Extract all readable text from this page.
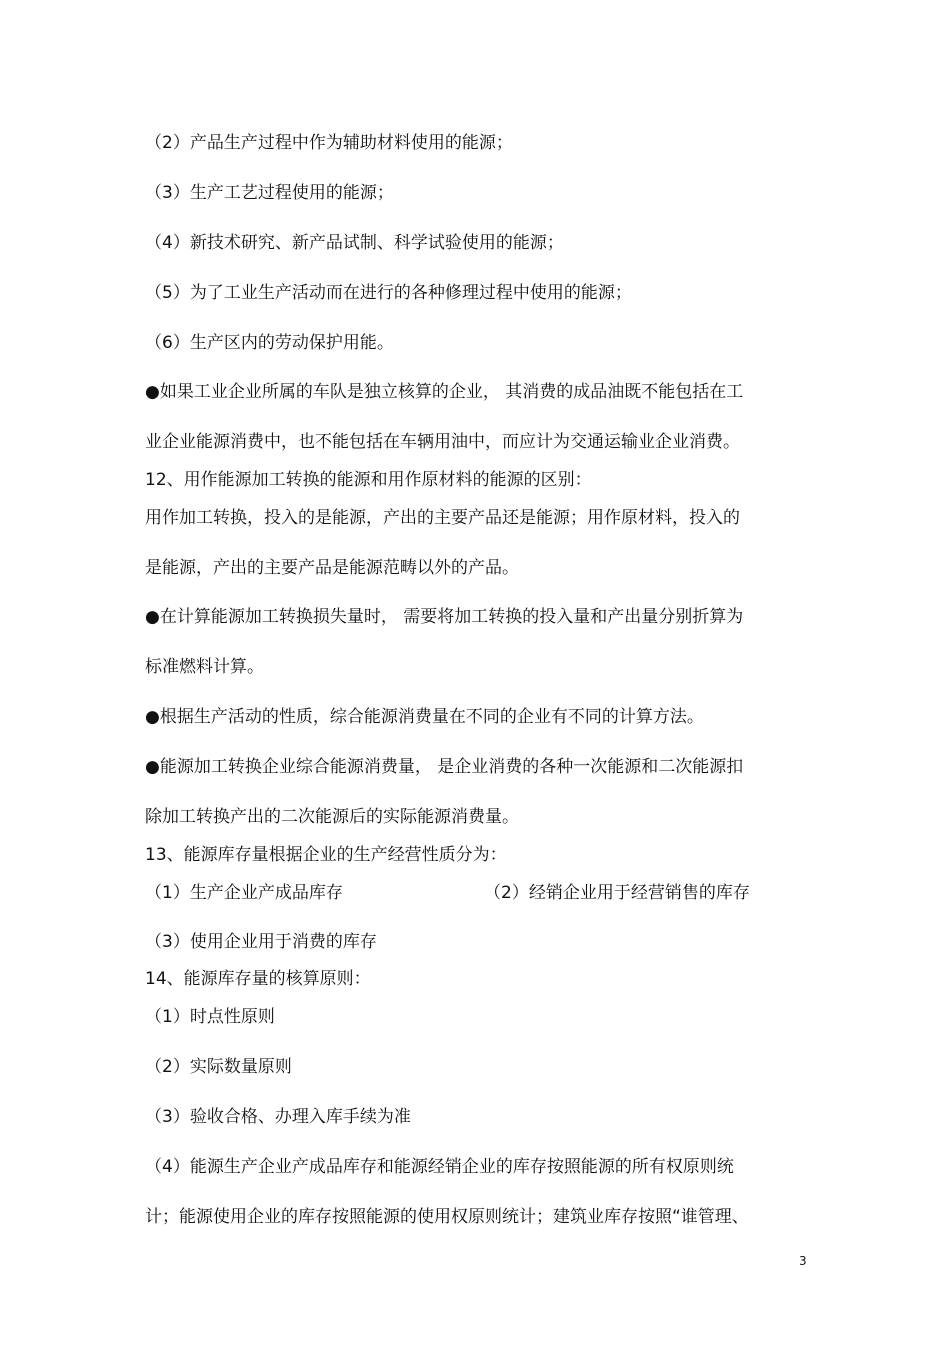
（2）产品生产过程中作为辅助材料使用的能源；
（3）生产工艺过程使用的能源；
（4）新技术研究、新产品试制、科学试验使用的能源；
（5）为了工业生产活动而在进行的各种修理过程中使用的能源；
（6）生产区内的劳动保护用能。
●如果工业企业所属的车队是独立核算的企业， 其消费的成品油既不能包括在工
业企业能源消费中，也不能包括在车辆用油中，而应计为交通运输业企业消费。
12、用作能源加工转换的能源和用作原材料的能源的区别：
用作加工转换，投入的是能源，产出的主要产品还是能源；用作原材料，投入的
是能源，产出的主要产品是能源范畴以外的产品。
●在计算能源加工转换损失量时， 需要将加工转换的投入量和产出量分别折算为
标准燃料计算。
●根据生产活动的性质，综合能源消费量在不同的企业有不同的计算方法。
●能源加工转换企业综合能源消费量， 是企业消费的各种一次能源和二次能源扣
除加工转换产出的二次能源后的实际能源消费量。
13、能源库存量根据企业的生产经营性质分为：
（1）生产企业产成品库存	（2）经销企业用于经营销售的库存
（3）使用企业用于消费的库存
14、能源库存量的核算原则：
（1）时点性原则
（2）实际数量原则
（3）验收合格、办理入库手续为准
（4）能源生产企业产成品库存和能源经销企业的库存按照能源的所有权原则统
计；能源使用企业的库存按照能源的使用权原则统计；建筑业库存按照“谁管理、
3
